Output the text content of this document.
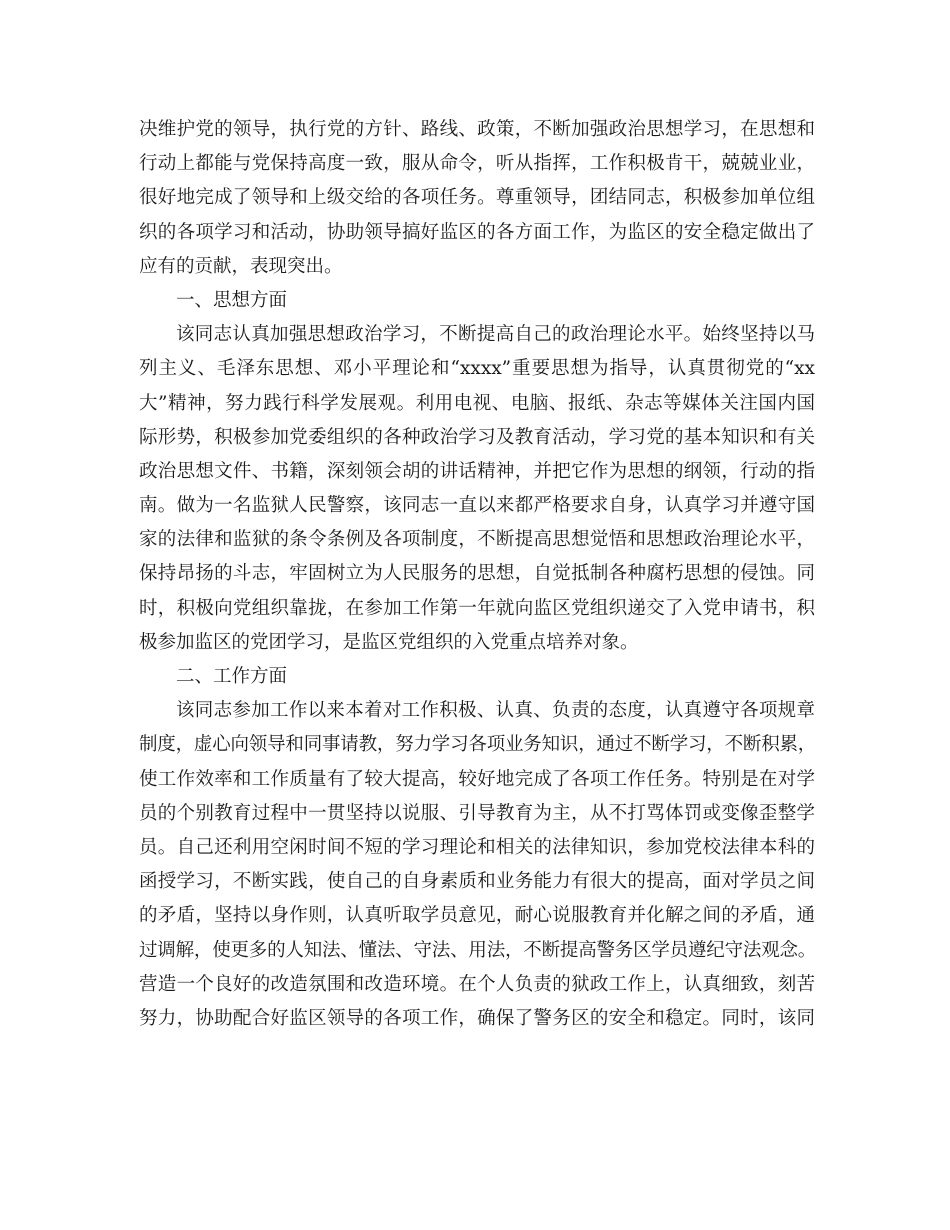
决维护党的领导，执行党的方针、路线、政策，不断加强政治思想学习，在思想和
行动上都能与党保持高度一致，服从命令，听从指挥，工作积极肯干，兢兢业业，
很好地完成了领导和上级交给的各项任务。尊重领导，团结同志，积极参加单位组
织的各项学习和活动，协助领导搞好监区的各方面工作，为监区的安全稳定做出了
应有的贡献，表现突出。
一、思想方面
该同志认真加强思想政治学习，不断提高自己的政治理论水平。始终坚持以马
列主义、毛泽东思想、邓小平理论和“xxxx”重要思想为指导，认真贯彻党的“xx
大”精神，努力践行科学发展观。利用电视、电脑、报纸、杂志等媒体关注国内国
际形势，积极参加党委组织的各种政治学习及教育活动，学习党的基本知识和有关
政治思想文件、书籍，深刻领会胡的讲话精神，并把它作为思想的纲领，行动的指
南。做为一名监狱人民警察，该同志一直以来都严格要求自身，认真学习并遵守国
家的法律和监狱的条令条例及各项制度，不断提高思想觉悟和思想政治理论水平，
保持昂扬的斗志，牢固树立为人民服务的思想，自觉抵制各种腐朽思想的侵蚀。同
时，积极向党组织靠拢，在参加工作第一年就向监区党组织递交了入党申请书，积
极参加监区的党团学习，是监区党组织的入党重点培养对象。
二、工作方面
该同志参加工作以来本着对工作积极、认真、负责的态度，认真遵守各项规章
制度，虚心向领导和同事请教，努力学习各项业务知识，通过不断学习，不断积累，
使工作效率和工作质量有了较大提高，较好地完成了各项工作任务。特别是在对学
员的个别教育过程中一贯坚持以说服、引导教育为主，从不打骂体罚或变像歪整学
员。自己还利用空闲时间不短的学习理论和相关的法律知识，参加党校法律本科的
函授学习，不断实践，使自己的自身素质和业务能力有很大的提高，面对学员之间
的矛盾，坚持以身作则，认真听取学员意见，耐心说服教育并化解之间的矛盾，通
过调解，使更多的人知法、懂法、守法、用法，不断提高警务区学员遵纪守法观念。
营造一个良好的改造氛围和改造环境。在个人负责的狱政工作上，认真细致，刻苦
努力，协助配合好监区领导的各项工作，确保了警务区的安全和稳定。同时，该同
